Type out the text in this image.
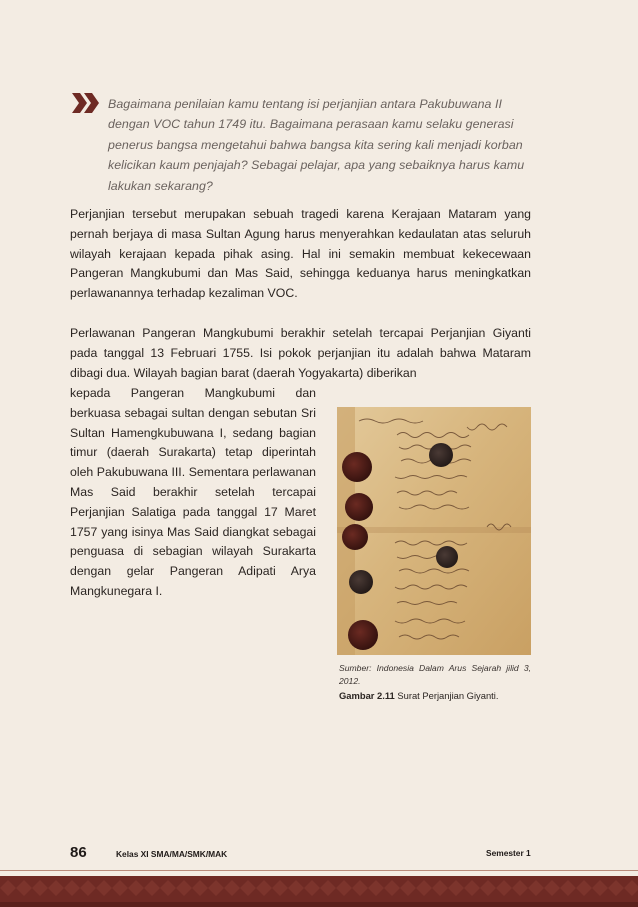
Bagaimana penilaian kamu tentang isi perjanjian antara Pakubuwana II dengan VOC tahun 1749 itu. Bagaimana perasaan kamu selaku generasi penerus bangsa mengetahui bahwa bangsa kita sering kali menjadi korban kelicikan kaum penjajah? Sebagai pelajar, apa yang sebaiknya harus kamu lakukan sekarang?

Perjanjian tersebut merupakan sebuah tragedi karena Kerajaan Mataram yang pernah berjaya di masa Sultan Agung harus menyerahkan kedaulatan atas seluruh wilayah kerajaan kepada pihak asing. Hal ini semakin membuat kekecewaan Pangeran Mangkubumi dan Mas Said, sehingga keduanya harus meningkatkan perlawanannya terhadap kezaliman VOC.

Perlawanan Pangeran Mangkubumi berakhir setelah tercapai Perjanjian Giyanti pada tanggal 13 Februari 1755. Isi pokok perjanjian itu adalah bahwa Mataram dibagi dua. Wilayah bagian barat (daerah Yogyakarta) diberikan

kepada Pangeran Mangkubumi dan berkuasa sebagai sultan dengan sebutan Sri Sultan Hamengkubuwana I, sedang bagian timur (daerah Surakarta) tetap diperintah oleh Pakubuwana III. Sementara perlawanan Mas Said berakhir setelah tercapai Perjanjian Salatiga pada tanggal 17 Maret 1757 yang isinya Mas Said diangkat sebagai penguasa di sebagian wilayah Surakarta dengan gelar Pangeran Adipati Arya Mangkunegara I.

Sumber: Indonesia Dalam Arus Sejarah jilid 3, 2012.

Gambar 2.11 Surat Perjanjian Giyanti.

86	Kelas XI SMA/MA/SMK/MAK	Semester 1
